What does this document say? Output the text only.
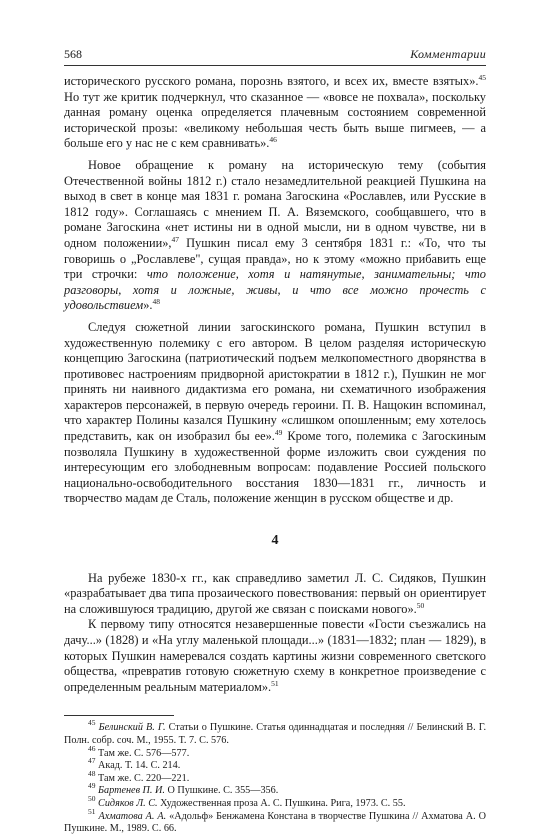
568	Комментарии

исторического русского романа, порознь взятого, и всех их, вместе взятых».$^{45}$ Но тут же критик подчеркнул, что сказанное — «вовсе не похвала», поскольку данная роману оценка определяется плачевным состоянием современной исторической прозы: «великому небольшая честь быть выше пигмеев, — а больше его у нас не с кем сравнивать».$^{46}$

Новое обращение к роману на историческую тему (события Отечественной войны 1812 г.) стало незамедлительной реакцией Пушкина на выход в свет в конце мая 1831 г. романа Загоскина «Рославлев, или Русские в 1812 году». Соглашаясь с мнением П. А. Вяземского, сообщавшего, что в романе Загоскина «нет истины ни в одной мысли, ни в одном чувстве, ни в одном положении»,$^{47}$ Пушкин писал ему 3 сентября 1831 г.: «То, что ты говоришь о „Рославлеве", сущая правда», но к этому «можно прибавить еще три строчки: что положение, хотя и натянутые, занимательны; что разговоры, хотя и ложные, живы, и что все можно прочесть с удовольствием».$^{48}$

Следуя сюжетной линии загоскинского романа, Пушкин вступил в художественную полемику с его автором. В целом разделяя историческую концепцию Загоскина (патриотический подъем мелкопоместного дворянства в противовес настроениям придворной аристократии в 1812 г.), Пушкин не мог принять ни наивного дидактизма его романа, ни схематичного изображения характеров персонажей, в первую очередь героини. П. В. Нащокин вспоминал, что характер Полины казался Пушкину «слишком опошленным; ему хотелось представить, как он изобразил бы ее».$^{49}$ Кроме того, полемика с Загоскиным позволяла Пушкину в художественной форме изложить свои суждения по интересующим его злободневным вопросам: подавление Россией польского национально-освободительного восстания 1830—1831 гг., личность и творчество мадам де Сталь, положение женщин в русском обществе и др.

4

На рубеже 1830-х гг., как справедливо заметил Л. С. Сидяков, Пушкин «разрабатывает два типа прозаического повествования: первый он ориентирует на сложившуюся традицию, другой же связан с поисками нового».$^{50}$

К первому типу относятся незавершенные повести «Гости съезжались на дачу...» (1828) и «На углу маленькой площади...» (1831—1832; план — 1829), в которых Пушкин намеревался создать картины жизни современного светского общества, «превратив готовую сюжетную схему в конкретное произведение с определенным реальным материалом».$^{51}$

$^{45}$ Белинский В. Г. Статьи о Пушкине. Статья одиннадцатая и последняя // Белинский В. Г. Полн. собр. соч. М., 1955. Т. 7. С. 576.

$^{46}$ Там же. С. 576—577.

$^{47}$ Акад. Т. 14. С. 214.

$^{48}$ Там же. С. 220—221.

$^{49}$ Бартенев П. И. О Пушкине. С. 355—356.

$^{50}$ Сидяков Л. С. Художественная проза А. С. Пушкина. Рига, 1973. С. 55.

$^{51}$ Ахматова А. А. «Адольф» Бенжамена Констана в творчестве Пушкина // Ахматова А. О Пушкине. М., 1989. С. 66.
